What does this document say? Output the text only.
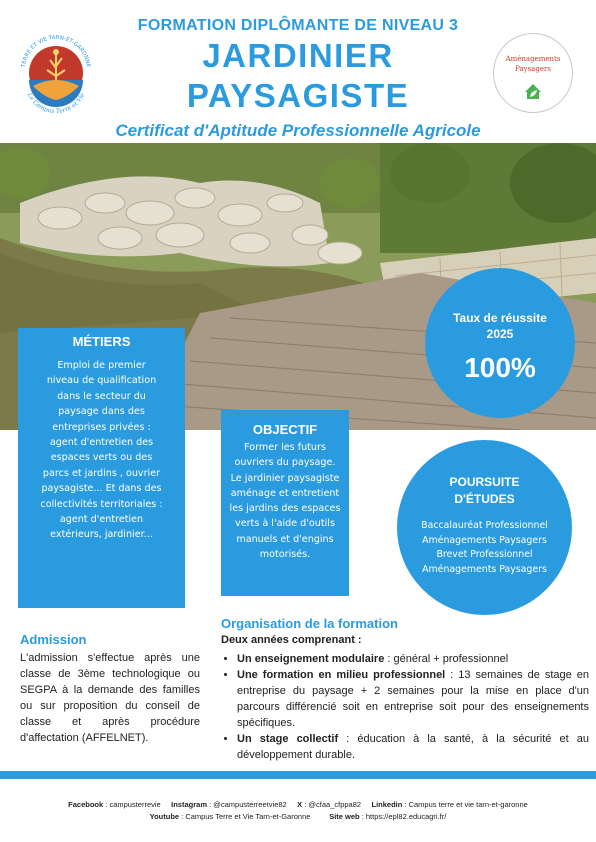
FORMATION DIPLÔMANTE DE NIVEAU 3
JARDINIER
PAYSAGISTE
Certificat d'Aptitude Professionnelle Agricole
TERRE ET VIE TARN-ET-GARONNE
Le Campus Terre et Vie
Aménagements
Paysagers
MÉTIERS
Emploi de premier niveau de qualification dans le secteur du paysage dans des entreprises privées : agent d'entretien des espaces verts ou des parcs et jardins , ouvrier paysagiste... Et dans des collectivités territoriales : agent d'entretien extérieurs, jardinier...
OBJECTIF
Former les futurs ouvriers du paysage. Le jardinier paysagiste aménage et entretient les jardins des espaces verts à l'aide d'outils manuels et d'engins motorisés.
Taux de réussite
2025
100%
POURSUITE
D'ÉTUDES
Baccalauréat Professionnel
Aménagements Paysagers
Brevet Professionnel
Aménagements Paysagers
Admission
L'admission s'effectue après une classe de 3ème technologique ou SEGPA à la demande des familles ou sur proposition du conseil de classe et après procédure d'affectation (AFFELNET).
Organisation de la formation
Deux années comprenant :
• Un enseignement modulaire : général + professionnel
• Une formation en milieu professionnel : 13 semaines de stage en entreprise du paysage + 2 semaines pour la mise en place d'un parcours différencié soit en entreprise soit pour des enseignements spécifiques.
• Un stage collectif : éducation à la santé, à la sécurité et au développement durable.
Facebook : campusterrevie Instagram : @campusterreetvie82 X : @cfaa_cfppa82 Linkedin : Campus terre et vie tarn-et-garonne
Youtube : Campus Terre et Vie Tarn-et-Garonne	Site web : https://epl82.educagri.fr/
